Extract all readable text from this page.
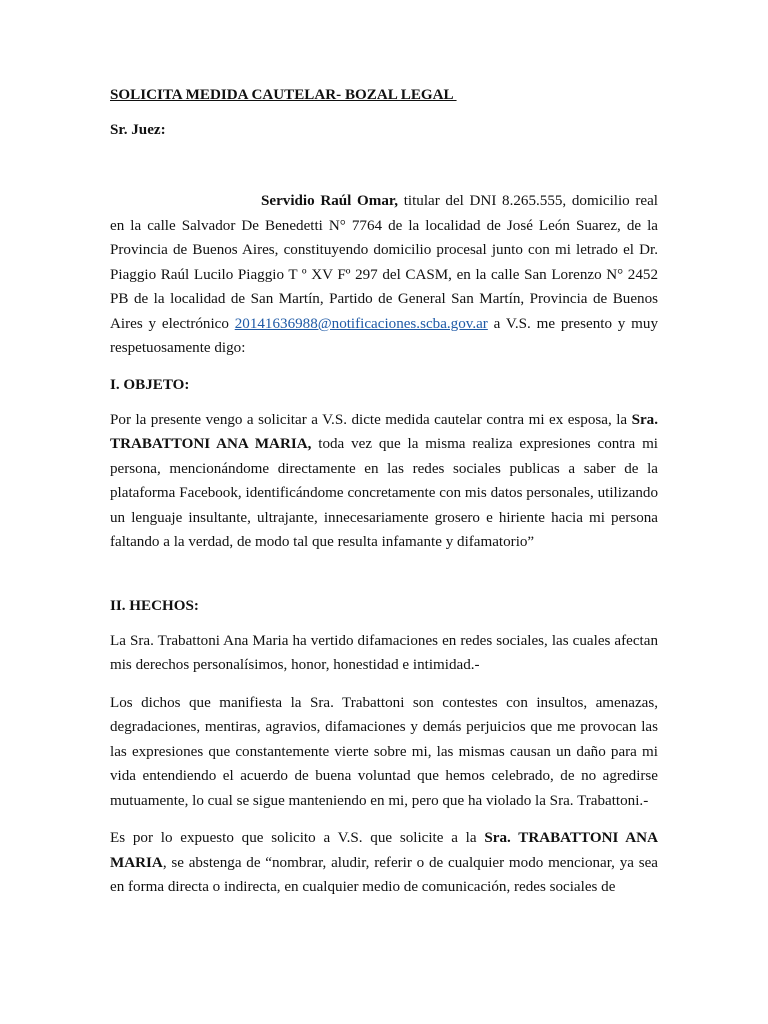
SOLICITA MEDIDA CAUTELAR- BOZAL LEGAL

Sr. Juez:

Servidio Raúl Omar, titular del DNI 8.265.555, domicilio real en la calle Salvador De Benedetti N° 7764 de la localidad de José León Suarez, de la Provincia de Buenos Aires, constituyendo domicilio procesal junto con mi letrado el Dr. Piaggio Raúl Lucilo Piaggio T º XV Fº 297 del CASM, en la calle San Lorenzo N° 2452 PB de la localidad de San Martín, Partido de General San Martín, Provincia de Buenos Aires y electrónico 20141636988@notificaciones.scba.gov.ar a V.S. me presento y muy respetuosamente digo:

I. OBJETO:

Por la presente vengo a solicitar a V.S. dicte medida cautelar contra mi ex esposa, la Sra. TRABATTONI ANA MARIA, toda vez que la misma realiza expresiones contra mi persona, mencionándome directamente en las redes sociales publicas a saber de la plataforma Facebook, identificándome concretamente con mis datos personales, utilizando un lenguaje insultante, ultrajante, innecesariamente grosero e hiriente hacia mi persona faltando a la verdad, de modo tal que resulta infamante y difamatorio”

II. HECHOS:

La Sra. Trabattoni Ana Maria ha vertido difamaciones en redes sociales, las cuales afectan mis derechos personalísimos, honor, honestidad e intimidad.-

Los dichos que manifiesta la Sra. Trabattoni son contestes con insultos, amenazas, degradaciones, mentiras, agravios, difamaciones y demás perjuicios que me provocan las las expresiones que constantemente vierte sobre mi, las mismas causan un daño para mi vida entendiendo el acuerdo de buena voluntad que hemos celebrado, de no agredirse mutuamente, lo cual se sigue manteniendo en mi, pero que ha violado la Sra. Trabattoni.-

Es por lo expuesto que solicito a V.S. que solicite a la Sra. TRABATTONI ANA MARIA, se abstenga de “nombrar, aludir, referir o de cualquier modo mencionar, ya sea en forma directa o indirecta, en cualquier medio de comunicación, redes sociales de
